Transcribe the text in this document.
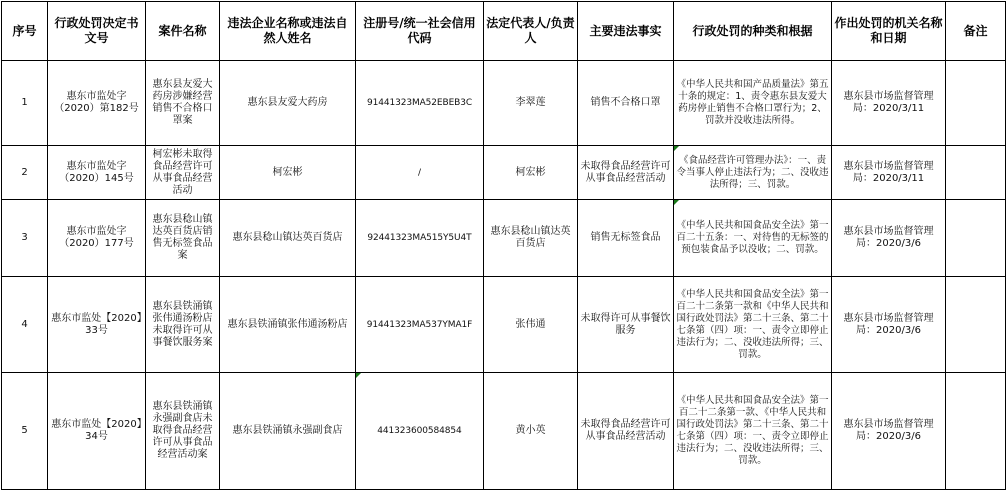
序号	行政处罚决定书文号	案件名称	违法企业名称或违法自然人姓名	注册号/统一社会信用代码	法定代表人/负责人	主要违法事实	行政处罚的种类和根据	作出处罚的机关名称和日期	备注
1	惠东市监处字（2020）第182号	惠东县友爱大药房涉嫌经营销售不合格口罩案	惠东县友爱大药房	91441323MA52EBEB3C	李翠莲	销售不合格口罩	《中华人民共和国产品质量法》第五十条的规定：1、责令惠东县友爱大药房停止销售不合格口罩行为；2、罚款并没收违法所得。	惠东县市场监督管理局：2020/3/11	
2	惠东市监处字（2020）145号	柯宏彬未取得食品经营许可从事食品经营活动	柯宏彬	/	柯宏彬	未取得食品经营许可从事食品经营活动	《食品经营许可管理办法》：一、责令当事人停止违法行为；二、没收违法所得；三、罚款。	惠东县市场监督管理局：2020/3/11	
3	惠东市监处字（2020）177号	惠东县稔山镇达英百货店销售无标签食品案	惠东县稔山镇达英百货店	92441323MA515Y5U4T	惠东县稔山镇达英百货店	销售无标签食品	《中华人民共和国食品安全法》第一百二十五条：一、对待售的无标签的预包装食品予以没收；二、罚款。	惠东县市场监督管理局：2020/3/6	
4	惠东市监处【2020】33号	惠东县铁涌镇张伟通汤粉店未取得许可从事餐饮服务案	惠东县铁涌镇张伟通汤粉店	91441323MA537YMA1F	张伟通	未取得许可从事餐饮服务	《中华人民共和国食品安全法》第一百二十二条第一款和《中华人民共和国行政处罚法》第二十三条、第二十七条第（四）项：一、责令立即停止违法行为；二、没收违法所得；三、罚款。	惠东县市场监督管理局：2020/3/6	
5	惠东市监处【2020】34号	惠东县铁涌镇永强副食店未取得食品经营许可从事食品经营活动案	惠东县铁涌镇永强副食店	441323600584854	黄小英	未取得食品经营许可从事食品经营活动	《中华人民共和国食品安全法》第一百二十二条第一款、《中华人民共和国行政处罚法》第二十三条、第二十七条第（四）项：一、责令立即停止违法行为；二、没收违法所得；三、罚款。	惠东县市场监督管理局：2020/3/6	
